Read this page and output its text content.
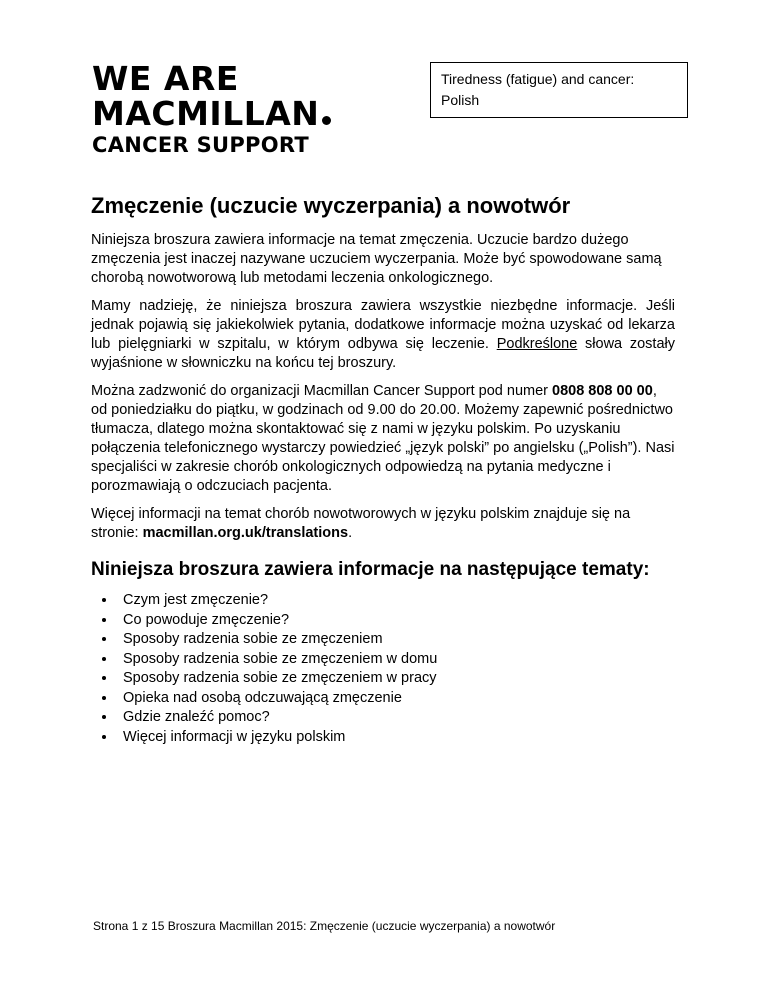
WE ARE
MACMILLAN
CANCER SUPPORT
Tiredness (fatigue) and cancer:
Polish
Zmęczenie (uczucie wyczerpania) a nowotwór

Niniejsza broszura zawiera informacje na temat zmęczenia. Uczucie bardzo dużego zmęczenia jest inaczej nazywane uczuciem wyczerpania. Może być spowodowane samą chorobą nowotworową lub metodami leczenia onkologicznego.

Mamy nadzieję, że niniejsza broszura zawiera wszystkie niezbędne informacje. Jeśli jednak pojawią się jakiekolwiek pytania, dodatkowe informacje można uzyskać od lekarza lub pielęgniarki w szpitalu, w którym odbywa się leczenie. Podkreślone słowa zostały wyjaśnione w słowniczku na końcu tej broszury.

Można zadzwonić do organizacji Macmillan Cancer Support pod numer 0808 808 00 00, od poniedziałku do piątku, w godzinach od 9.00 do 20.00. Możemy zapewnić pośrednictwo tłumacza, dlatego można skontaktować się z nami w języku polskim. Po uzyskaniu połączenia telefonicznego wystarczy powiedzieć „język polski” po angielsku („Polish”). Nasi specjaliści w zakresie chorób onkologicznych odpowiedzą na pytania medyczne i porozmawiają o odczuciach pacjenta.

Więcej informacji na temat chorób nowotworowych w języku polskim znajduje się na stronie: macmillan.org.uk/translations.

Niniejsza broszura zawiera informacje na następujące tematy:
• Czym jest zmęczenie?
• Co powoduje zmęczenie?
• Sposoby radzenia sobie ze zmęczeniem
• Sposoby radzenia sobie ze zmęczeniem w domu
• Sposoby radzenia sobie ze zmęczeniem w pracy
• Opieka nad osobą odczuwającą zmęczenie
• Gdzie znaleźć pomoc?
• Więcej informacji w języku polskim
Strona 1 z 15 Broszura Macmillan 2015: Zmęczenie (uczucie wyczerpania) a nowotwór
